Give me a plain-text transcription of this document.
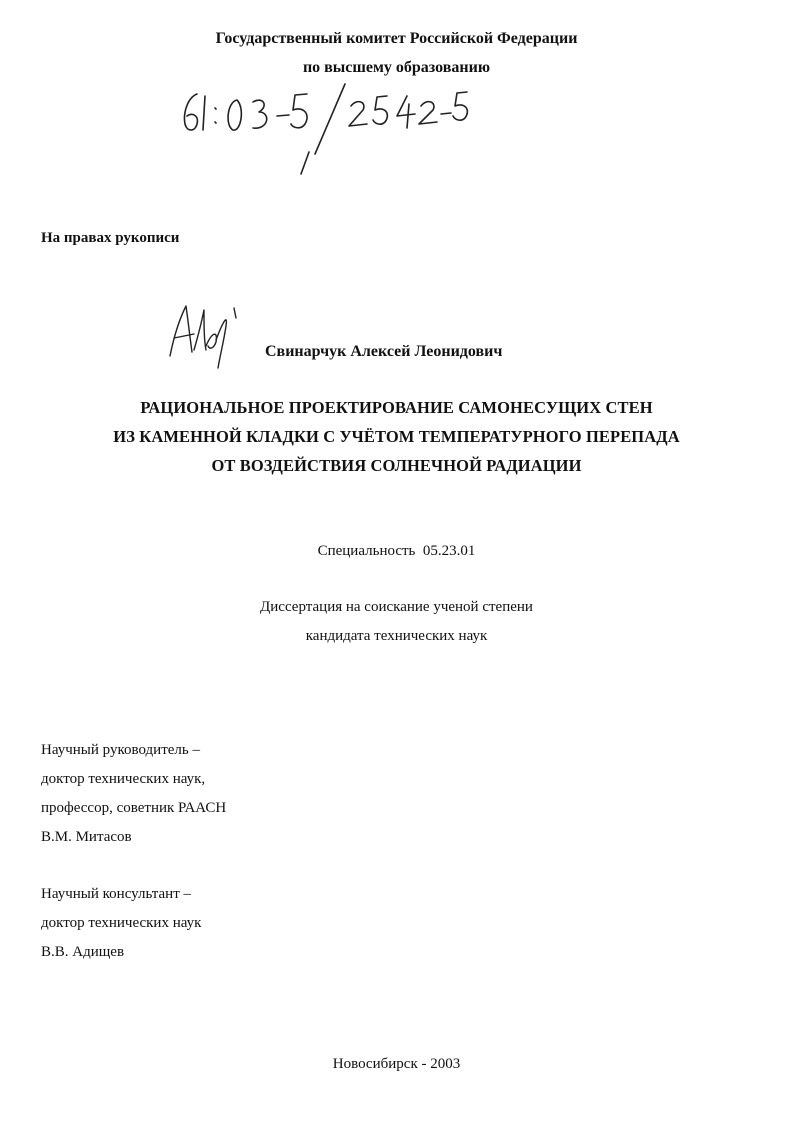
Государственный комитет Российской Федерации

по высшему образованию

На правах рукописи

Свинарчук Алексей Леонидович

РАЦИОНАЛЬНОЕ ПРОЕКТИРОВАНИЕ САМОНЕСУЩИХ СТЕН

ИЗ КАМЕННОЙ КЛАДКИ С УЧЁТОМ ТЕМПЕРАТУРНОГО ПЕРЕПАДА

ОТ ВОЗДЕЙСТВИЯ СОЛНЕЧНОЙ РАДИАЦИИ

Специальность  05.23.01

Диссертация на соискание ученой степени

кандидата технических наук

Научный руководитель –

доктор технических наук,

профессор, советник РААСН

В.М. Митасов

Научный консультант –

доктор технических наук

В.В. Адищев

Новосибирск - 2003
